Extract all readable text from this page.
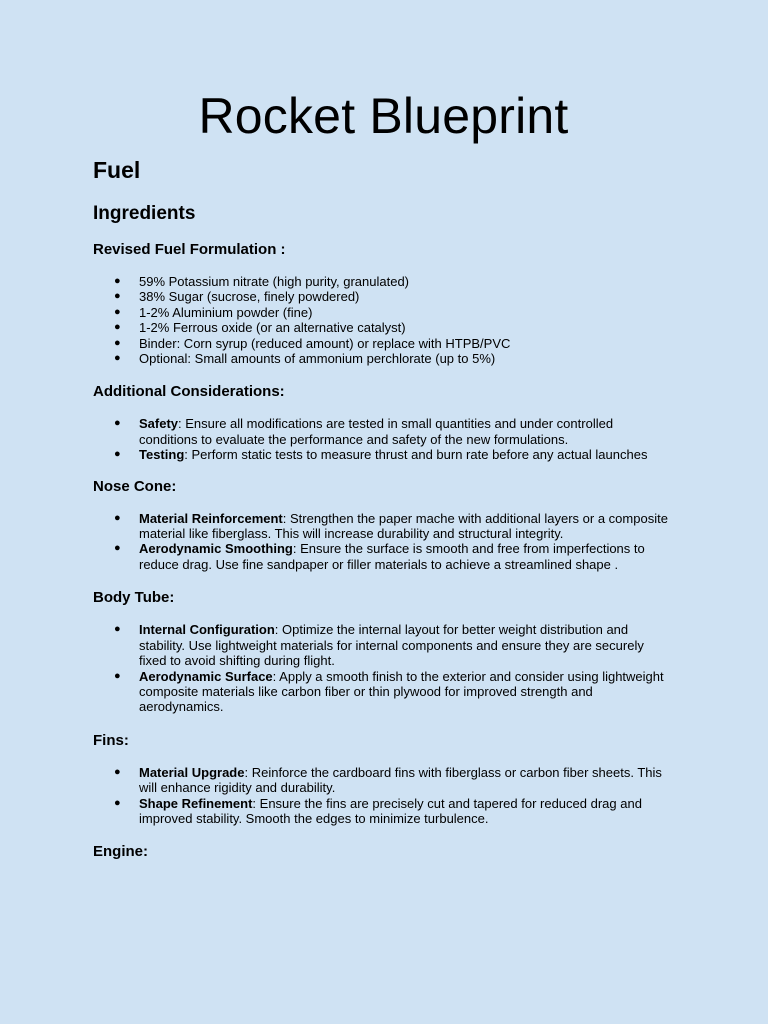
Rocket Blueprint
Fuel
Ingredients
Revised Fuel Formulation :
● 59% Potassium nitrate (high purity, granulated)
● 38% Sugar (sucrose, finely powdered)
● 1-2% Aluminium powder (fine)
● 1-2% Ferrous oxide (or an alternative catalyst)
● Binder: Corn syrup (reduced amount) or replace with HTPB/PVC
● Optional: Small amounts of ammonium perchlorate (up to 5%)
Additional Considerations:
● Safety: Ensure all modifications are tested in small quantities and under controlled conditions to evaluate the performance and safety of the new formulations.
● Testing: Perform static tests to measure thrust and burn rate before any actual launches
Nose Cone:
● Material Reinforcement: Strengthen the paper mache with additional layers or a composite material like fiberglass. This will increase durability and structural integrity.
● Aerodynamic Smoothing: Ensure the surface is smooth and free from imperfections to reduce drag. Use fine sandpaper or filler materials to achieve a streamlined shape .
Body Tube:
● Internal Configuration: Optimize the internal layout for better weight distribution and stability. Use lightweight materials for internal components and ensure they are securely fixed to avoid shifting during flight.
● Aerodynamic Surface: Apply a smooth finish to the exterior and consider using lightweight composite materials like carbon fiber or thin plywood for improved strength and aerodynamics.
Fins:
● Material Upgrade: Reinforce the cardboard fins with fiberglass or carbon fiber sheets. This will enhance rigidity and durability.
● Shape Refinement: Ensure the fins are precisely cut and tapered for reduced drag and improved stability. Smooth the edges to minimize turbulence.
Engine:
